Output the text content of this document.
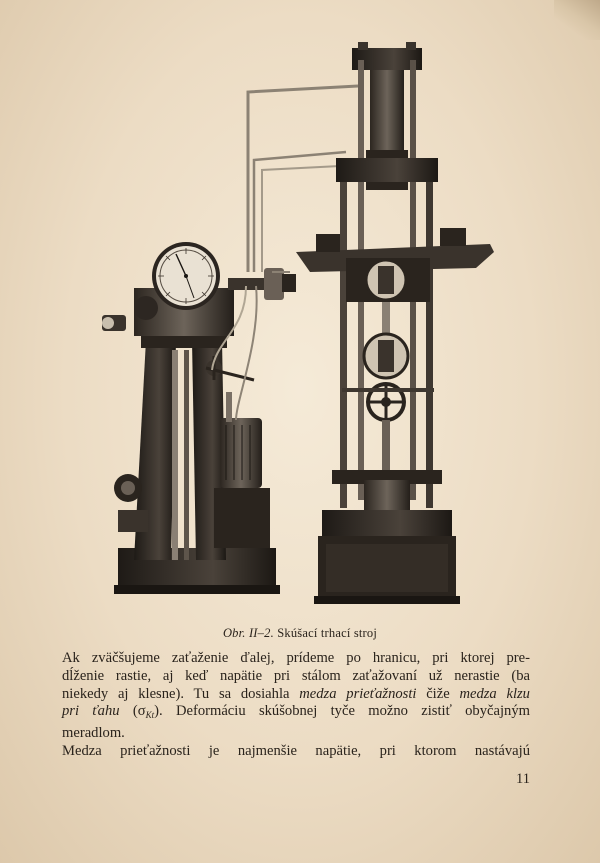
Obr. II–2. Skúšací trhací stroj
Ak zväčšujeme zaťaženie ďalej, prídeme po hranicu, pri ktorej pre-
dĺženie rastie, aj keď napätie pri stálom zaťažovaní už nerastie (ba
niekedy aj klesne). Tu sa dosiahla medza prieťažnosti čiže medza klzu
pri ťahu $(\sigma_{Kt})$. Deformáciu skúšobnej tyče možno zistiť obyčajným
meradlom.
Medza prieťažnosti je najmenšie napätie, pri ktorom nastávajú
11
